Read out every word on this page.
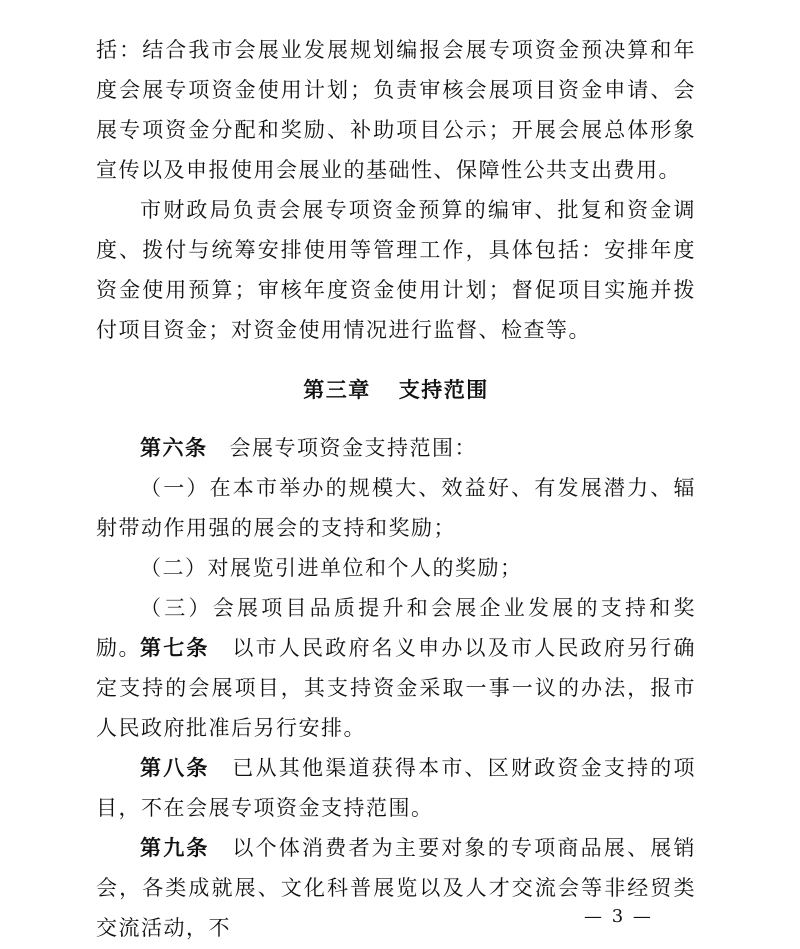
括：结合我市会展业发展规划编报会展专项资金预决算和年度会展专项资金使用计划；负责审核会展项目资金申请、会展专项资金分配和奖励、补助项目公示；开展会展总体形象宣传以及申报使用会展业的基础性、保障性公共支出费用。

市财政局负责会展专项资金预算的编审、批复和资金调度、拨付与统筹安排使用等管理工作，具体包括：安排年度资金使用预算；审核年度资金使用计划；督促项目实施并拨付项目资金；对资金使用情况进行监督、检查等。

第三章 支持范围

第六条 会展专项资金支持范围：

（一）在本市举办的规模大、效益好、有发展潜力、辐射带动作用强的展会的支持和奖励；

（二）对展览引进单位和个人的奖励；

（三）会展项目品质提升和会展企业发展的支持和奖励。 第七条 以市人民政府名义申办以及市人民政府另行确定支持的会展项目，其支持资金采取一事一议的办法，报市人民政府批准后另行安排。

第八条 已从其他渠道获得本市、区财政资金支持的项目，不在会展专项资金支持范围。

第九条 以个体消费者为主要对象的专项商品展、展销会，各类成就展、文化科普展览以及人才交流会等非经贸类交流活动，不	— 3 —
